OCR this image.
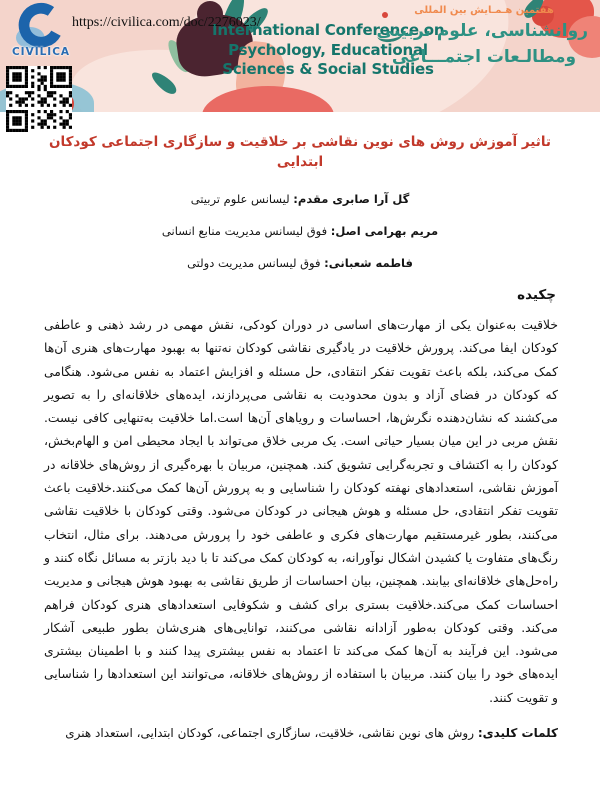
International Conference on
Psychology, Educational
Sciences & Social Studies
هفتمین هـمـایش بین المللی
روانشناسی، علوم تربیتی
ومطالـعات اجتمـــاعی
CIVILICA
https://civilica.com/doc/2276023/
تاثیر آموزش روش های نوین نقاشی بر خلاقیت و سازگاری اجتماعی کودکان ابتدایی
گل آرا صابری مقدم: لیسانس علوم تربیتی
مریم بهرامی اصل: فوق لیسانس مدیریت منابع انسانی
فاطمه شعبانی: فوق لیسانس مدیریت دولتی
چکیده

خلاقیت به‌عنوان یکی از مهارت‌های اساسی در دوران کودکی، نقش مهمی در رشد ذهنی و عاطفی کودکان ایفا می‌کند. پرورش خلاقیت در یادگیری نقاشی کودکان نه‌تنها به بهبود مهارت‌های هنری آن‌ها کمک می‌کند، بلکه باعث تقویت تفکر انتقادی، حل مسئله و افزایش اعتماد به نفس می‌شود. هنگامی که کودکان در فضای آزاد و بدون محدودیت به نقاشی می‌پردازند، ایده‌های خلاقانه‌ای را به تصویر می‌کشند که نشان‌دهنده نگرش‌ها، احساسات و رویاهای آن‌ها است.اما خلاقیت به‌تنهایی کافی نیست. نقش مربی در این میان بسیار حیاتی است. یک مربی خلاق می‌تواند با ایجاد محیطی امن و الهام‌بخش، کودکان را به اکتشاف و تجربه‌گرایی تشویق کند. همچنین، مربیان با بهره‌گیری از روش‌های خلاقانه در آموزش نقاشی، استعدادهای نهفته کودکان را شناسایی و به پرورش آن‌ها کمک می‌کنند.خلاقیت باعث تقویت تفکر انتقادی، حل مسئله و هوش هیجانی در کودکان می‌شود. وقتی کودکان با خلاقیت نقاشی می‌کنند، بطور غیرمستقیم مهارت‌های فکری و عاطفی خود را پرورش می‌دهند. برای مثال، انتخاب رنگ‌های متفاوت یا کشیدن اشکال نوآورانه، به کودکان کمک می‌کند تا با دید بازتر به مسائل نگاه کنند و راه‌حل‌های خلاقانه‌ای بیابند. همچنین، بیان احساسات از طریق نقاشی به بهبود هوش هیجانی و مدیریت احساسات کمک می‌کند.خلاقیت بستری برای کشف و شکوفایی استعدادهای هنری کودکان فراهم می‌کند. وقتی کودکان به‌طور آزادانه نقاشی می‌کنند، توانایی‌های هنری‌شان بطور طبیعی آشکار می‌شود. این فرآیند به آن‌ها کمک می‌کند تا اعتماد به نفس بیشتری پیدا کنند و با اطمینان بیشتری ایده‌های خود را بیان کنند. مربیان با استفاده از روش‌های خلاقانه، می‌توانند این استعدادها را شناسایی و تقویت کنند.

کلمات کلیدی: روش های نوین نقاشی، خلاقیت، سازگاری اجتماعی، کودکان ابتدایی، استعداد هنری
